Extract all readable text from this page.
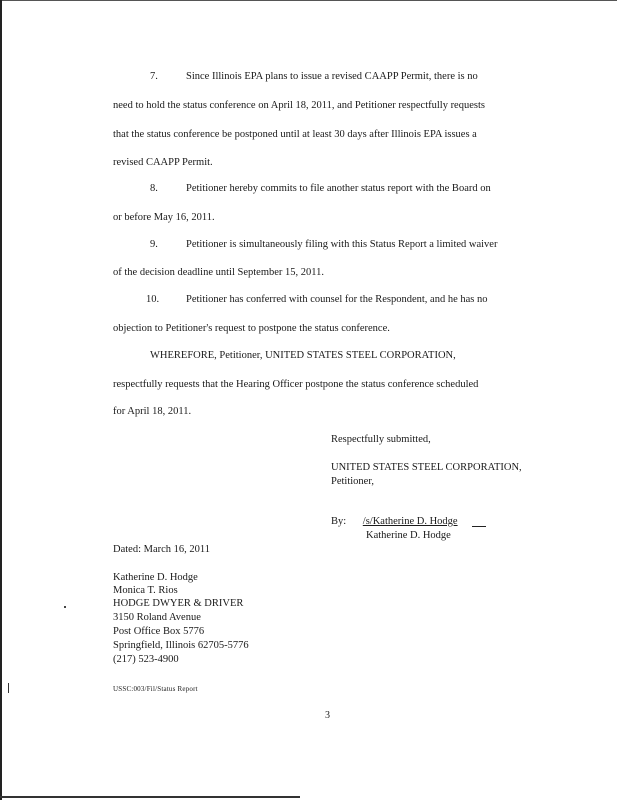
7.	Since Illinois EPA plans to issue a revised CAAPP Permit, there is no
need to hold the status conference on April 18, 2011, and Petitioner respectfully requests
that the status conference be postponed until at least 30 days after Illinois EPA issues a
revised CAAPP Permit.
8.	Petitioner hereby commits to file another status report with the Board on
or before May 16, 2011.
9.	Petitioner is simultaneously filing with this Status Report a limited waiver
of the decision deadline until September 15, 2011.
10.	Petitioner has conferred with counsel for the Respondent, and he has no
objection to Petitioner's request to postpone the status conference.
WHEREFORE, Petitioner, UNITED STATES STEEL CORPORATION,
respectfully requests that the Hearing Officer postpone the status conference scheduled
for April 18, 2011.
Respectfully submitted,
UNITED STATES STEEL CORPORATION,
Petitioner,
By: /s/Katherine D. Hodge
Katherine D. Hodge
Dated: March 16, 2011
Katherine D. Hodge
Monica T. Rios
HODGE DWYER & DRIVER
3150 Roland Avenue
Post Office Box 5776
Springfield, Illinois 62705-5776
(217) 523-4900
USSC:003/Fil/Status Report
3
